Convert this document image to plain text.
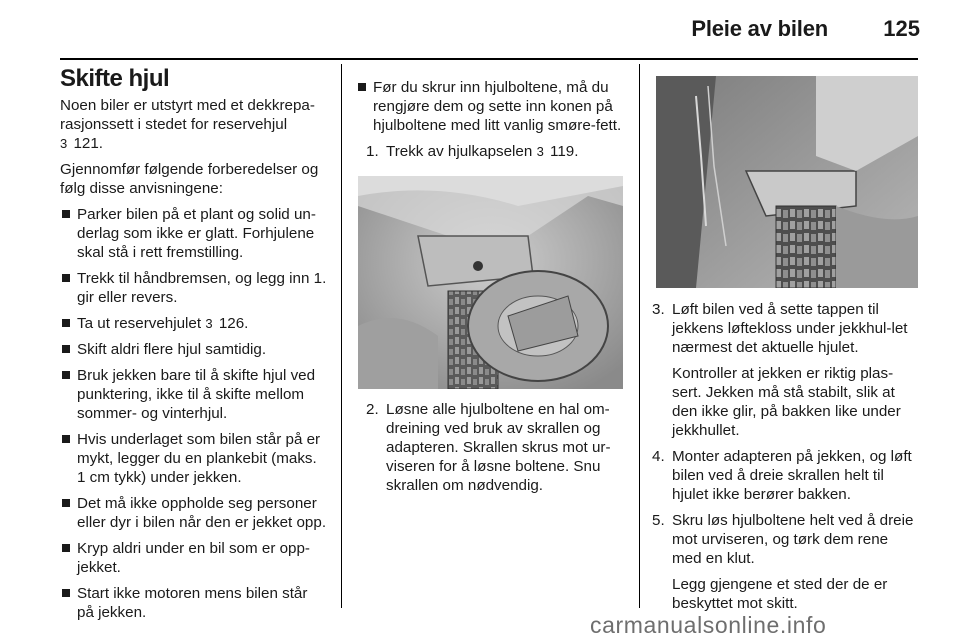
Pleie av bilen	125
Skifte hjul

Noen biler er utstyrt med et dekkrepa-rasjonssett i stedet for reservehjul
3 121.

Gjennomfør følgende forberedelser og følg disse anvisningene:

Parker bilen på et plant og solid un-derlag som ikke er glatt. Forhjulene skal stå i rett fremstilling.
Trekk til håndbremsen, og legg inn 1. gir eller revers.
Ta ut reservehjulet 3 126.
Skift aldri flere hjul samtidig.
Bruk jekken bare til å skifte hjul ved punktering, ikke til å skifte mellom sommer- og vinterhjul.
Hvis underlaget som bilen står på er mykt, legger du en plankebit (maks. 1 cm tykk) under jekken.
Det må ikke oppholde seg personer eller dyr i bilen når den er jekket opp.
Kryp aldri under en bil som er opp-jekket.
Start ikke motoren mens bilen står på jekken.
Før du skrur inn hjulboltene, må du rengjøre dem og sette inn konen på hjulboltene med litt vanlig smøre-fett.
1. Trekk av hjulkapselen 3 119.
2. Løsne alle hjulboltene en hal om-dreining ved bruk av skrallen og adapteren. Skrallen skrus mot ur-viseren for å løsne boltene. Snu skrallen om nødvendig.
3. Løft bilen ved å sette tappen til jekkens løftekloss under jekkhul-let nærmest det aktuelle hjulet.

Kontroller at jekken er riktig plas-sert. Jekken må stå stabilt, slik at den ikke glir, på bakken like under jekkhullet.

4. Monter adapteren på jekken, og løft bilen ved å dreie skrallen helt til hjulet ikke berører bakken.
5. Skru løs hjulboltene helt ved å dreie mot urviseren, og tørk dem rene med en klut.

Legg gjengene et sted der de er beskyttet mot skitt.

carmanualsonline.info
